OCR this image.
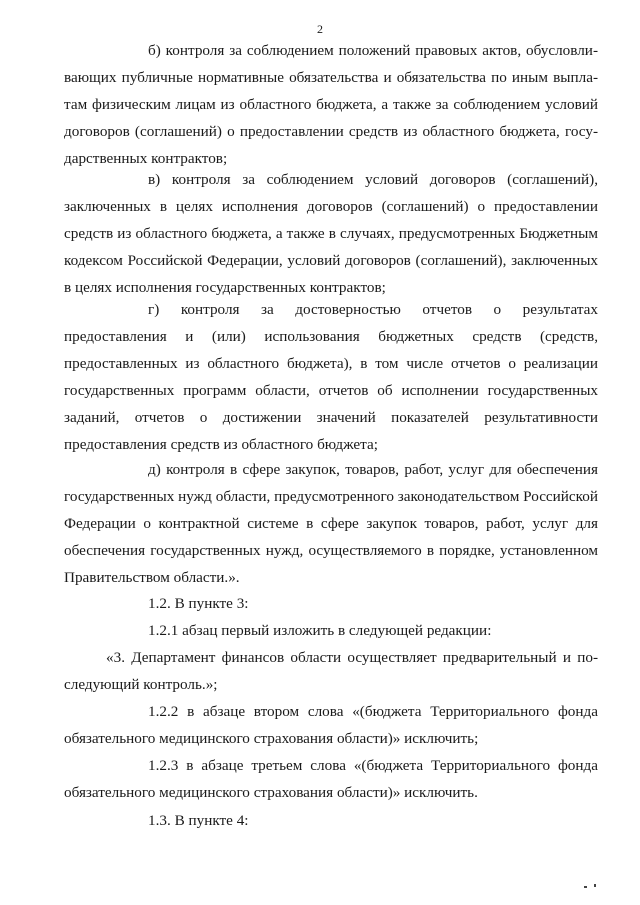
2

б) контроля за соблюдением положений правовых актов, обусловливающих публичные нормативные обязательства и обязательства по иным выплатам физическим лицам из областного бюджета, а также за соблюдением условий договоров (соглашений) о предоставлении средств из областного бюджета, государственных контрактов;

в) контроля за соблюдением условий договоров (соглашений), заключенных в целях исполнения договоров (соглашений) о предоставлении средств из областного бюджета, а также в случаях, предусмотренных Бюджетным кодексом Российской Федерации, условий договоров (соглашений), заключенных в целях исполнения государственных контрактов;

г) контроля за достоверностью отчетов о результатах предоставления и (или) использования бюджетных средств (средств, предоставленных из областного бюджета), в том числе отчетов о реализации государственных программ области, отчетов об исполнении государственных заданий, отчетов о достижении значений показателей результативности предоставления средств из областного бюджета;

д) контроля в сфере закупок, товаров, работ, услуг для обеспечения государственных нужд области, предусмотренного законодательством Российской Федерации о контрактной системе в сфере закупок товаров, работ, услуг для обеспечения государственных нужд, осуществляемого в порядке, установленном Правительством области.».

1.2. В пункте 3:

1.2.1 абзац первый изложить в следующей редакции:

«3. Департамент финансов области осуществляет предварительный и последующий контроль.»;

1.2.2 в абзаце втором слова «(бюджета Территориального фонда обязательного медицинского страхования области)» исключить;

1.2.3 в абзаце третьем слова «(бюджета Территориального фонда обязательного медицинского страхования области)» исключить.

1.3. В пункте 4:
